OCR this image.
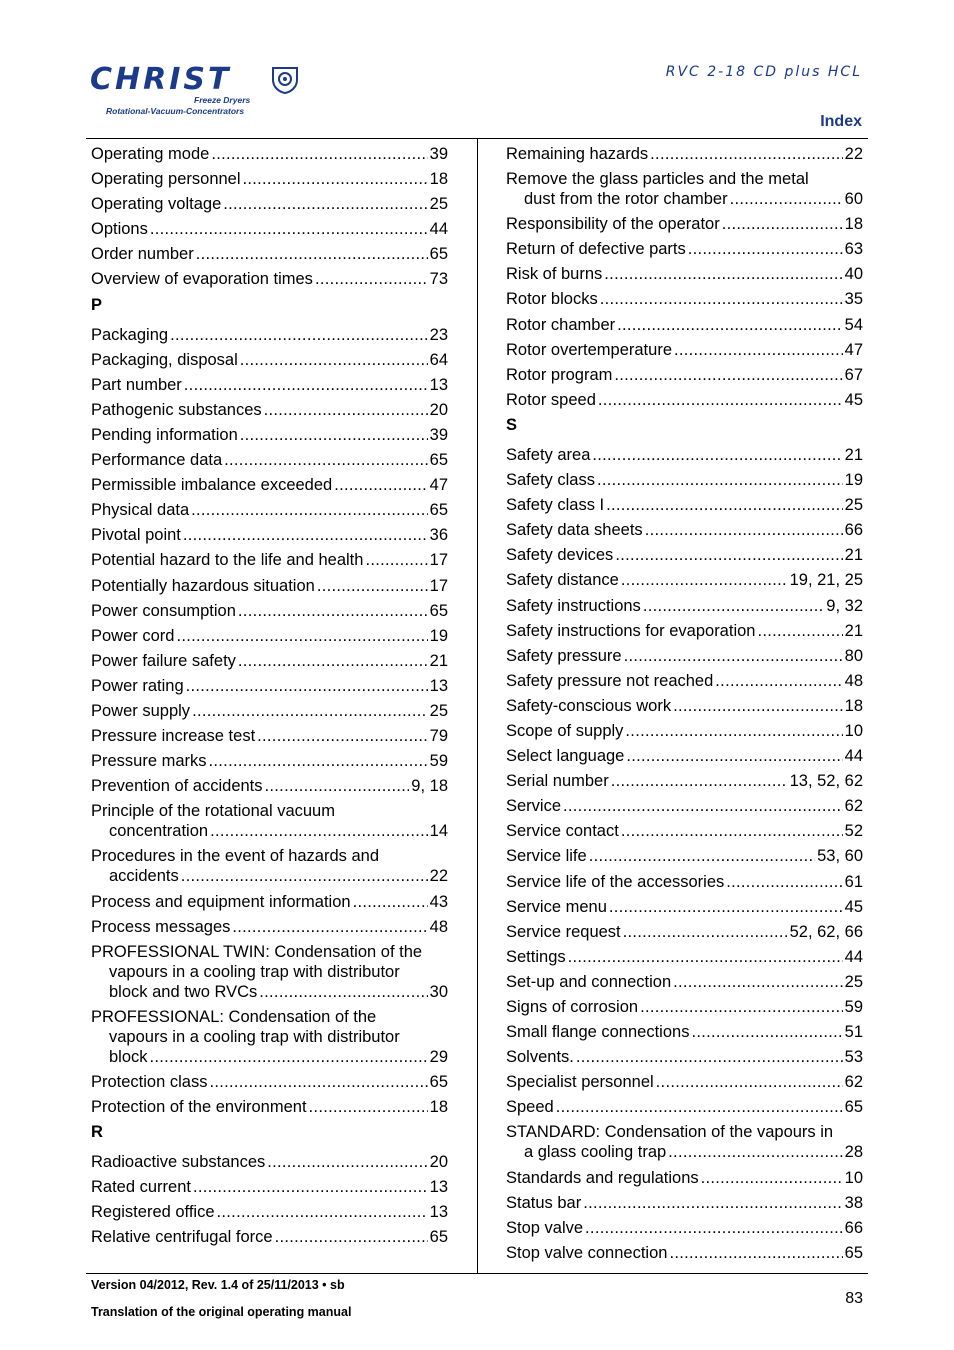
CHRIST
Freeze Dryers
Rotational-Vacuum-Concentrators
RVC 2-18 CD plus HCL
Index
Operating mode .....	39
Operating personnel .....	18
Operating voltage .....	25
Options .....	44
Order number .....	65
Overview of evaporation times .....	73
P
Packaging .....	23
Packaging, disposal .....	64
Part number .....	13
Pathogenic substances .....	20
Pending information .....	39
Performance data .....	65
Permissible imbalance exceeded .....	47
Physical data .....	65
Pivotal point .....	36
Potential hazard to the life and health .....	17
Potentially hazardous situation .....	17
Power consumption .....	65
Power cord .....	19
Power failure safety .....	21
Power rating .....	13
Power supply .....	25
Pressure increase test .....	79
Pressure marks .....	59
Prevention of accidents .....	9, 18
Principle of the rotational vacuum
concentration .....	14
Procedures in the event of hazards and
accidents .....	22
Process and equipment information .....	43
Process messages .....	48
PROFESSIONAL TWIN: Condensation of the
vapours in a cooling trap with distributor
block and two RVCs .....	30
PROFESSIONAL: Condensation of the
vapours in a cooling trap with distributor
block .....	29
Protection class .....	65
Protection of the environment .....	18
R
Radioactive substances .....	20
Rated current .....	13
Registered office .....	13
Relative centrifugal force .....	65
Remaining hazards .....	22
Remove the glass particles and the metal
dust from the rotor chamber .....	60
Responsibility of the operator .....	18
Return of defective parts .....	63
Risk of burns .....	40
Rotor blocks .....	35
Rotor chamber .....	54
Rotor overtemperature .....	47
Rotor program .....	67
Rotor speed .....	45
S
Safety area .....	21
Safety class .....	19
Safety class I .....	25
Safety data sheets .....	66
Safety devices .....	21
Safety distance .....	19, 21, 25
Safety instructions .....	9, 32
Safety instructions for evaporation .....	21
Safety pressure .....	80
Safety pressure not reached .....	48
Safety-conscious work .....	18
Scope of supply .....	10
Select language .....	44
Serial number .....	13, 52, 62
Service .....	62
Service contact .....	52
Service life .....	53, 60
Service life of the accessories .....	61
Service menu .....	45
Service request .....	52, 62, 66
Settings .....	44
Set-up and connection .....	25
Signs of corrosion .....	59
Small flange connections .....	51
Solvents. .....	53
Specialist personnel .....	62
Speed .....	65
STANDARD: Condensation of the vapours in
a glass cooling trap .....	28
Standards and regulations .....	10
Status bar .....	38
Stop valve .....	66
Stop valve connection .....	65
Version 04/2012, Rev. 1.4 of 25/11/2013 • sb
Translation of the original operating manual
83
